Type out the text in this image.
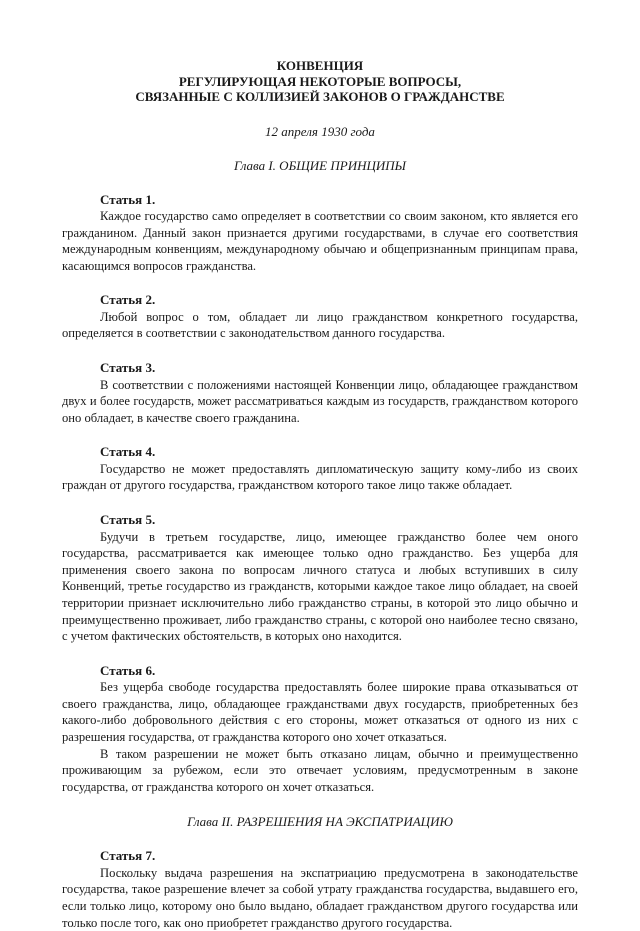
КОНВЕНЦИЯ
РЕГУЛИРУЮЩАЯ НЕКОТОРЫЕ ВОПРОСЫ,
СВЯЗАННЫЕ С КОЛЛИЗИЕЙ ЗАКОНОВ О ГРАЖДАНСТВЕ

12 апреля 1930 года

Глава I. ОБЩИЕ ПРИНЦИПЫ

Статья 1.

Каждое государство само определяет в соответствии со своим законом, кто является его гражданином. Данный закон признается другими государствами, в случае его соответствия международным конвенциям, международному обычаю и общепризнанным принципам права, касающимся вопросов гражданства.

Статья 2.

Любой вопрос о том, обладает ли лицо гражданством конкретного государства, определяется в соответствии с законодательством данного государства.

Статья 3.

В соответствии с положениями настоящей Конвенции лицо, обладающее гражданством двух и более государств, может рассматриваться каждым из государств, гражданством которого оно обладает, в качестве своего гражданина.

Статья 4.

Государство не может предоставлять дипломатическую защиту кому-либо из своих граждан от другого государства, гражданством которого такое лицо также обладает.

Статья 5.

Будучи в третьем государстве, лицо, имеющее гражданство более чем оного государства, рассматривается как имеющее только одно гражданство. Без ущерба для применения своего закона по вопросам личного статуса и любых вступивших в силу Конвенций, третье государство из гражданств, которыми каждое такое лицо обладает, на своей территории признает исключительно либо гражданство страны, в которой это лицо обычно и преимущественно проживает, либо гражданство страны, с которой оно наиболее тесно связано, с учетом фактических обстоятельств, в которых оно находится.

Статья 6.

Без ущерба свободе государства предоставлять более широкие права отказываться от своего гражданства, лицо, обладающее гражданствами двух государств, приобретенных без какого-либо добровольного действия с его стороны, может отказаться от одного из них с разрешения государства, от гражданства которого оно хочет отказаться.

В таком разрешении не может быть отказано лицам, обычно и преимущественно проживающим за рубежом, если это отвечает условиям, предусмотренным в законе государства, от гражданства которого он хочет отказаться.

Глава II. РАЗРЕШЕНИЯ НА ЭКСПАТРИАЦИЮ

Статья 7.

Поскольку выдача разрешения на экспатриацию предусмотрена в законодательстве государства, такое разрешение влечет за собой утрату гражданства государства, выдавшего его, если только лицо, которому оно было выдано, обладает гражданством другого государства или только после того, как оно приобретет гражданство другого государства.
